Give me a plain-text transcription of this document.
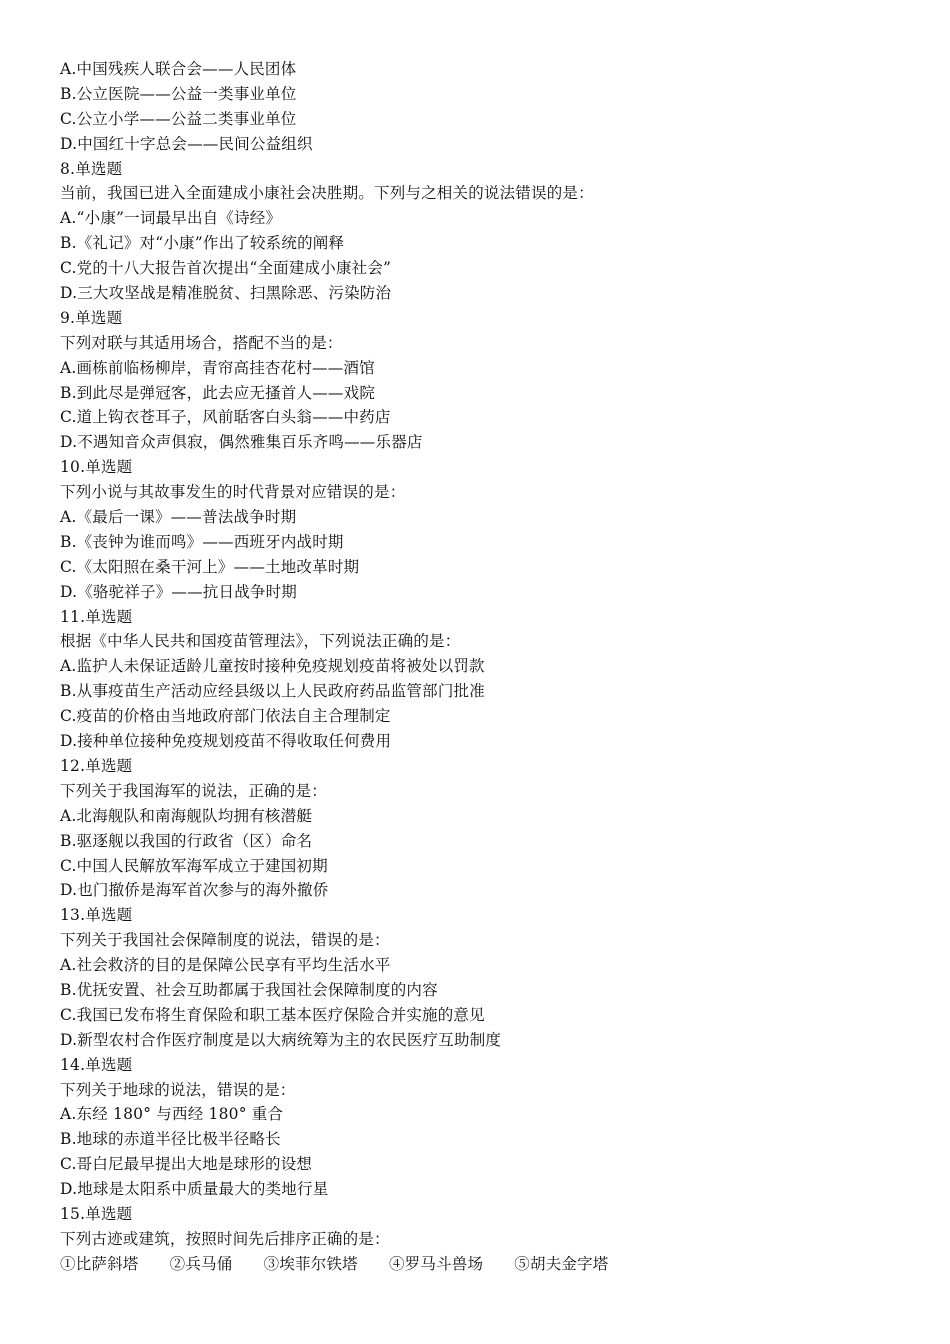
A.中国残疾人联合会——人民团体
B.公立医院——公益一类事业单位
C.公立小学——公益二类事业单位
D.中国红十字总会——民间公益组织
8.单选题
当前，我国已进入全面建成小康社会决胜期。下列与之相关的说法错误的是：
A.“小康”一词最早出自《诗经》
B.《礼记》对“小康”作出了较系统的阐释
C.党的十八大报告首次提出“全面建成小康社会”
D.三大攻坚战是精准脱贫、扫黑除恶、污染防治
9.单选题
下列对联与其适用场合，搭配不当的是：
A.画栋前临杨柳岸，青帘高挂杏花村——酒馆
B.到此尽是弹冠客，此去应无搔首人——戏院
C.道上钩衣苍耳子，风前聒客白头翁——中药店
D.不遇知音众声俱寂，偶然雅集百乐齐鸣——乐器店
10.单选题
下列小说与其故事发生的时代背景对应错误的是：
A.《最后一课》——普法战争时期
B.《丧钟为谁而鸣》——西班牙内战时期
C.《太阳照在桑干河上》——土地改革时期
D.《骆驼祥子》——抗日战争时期
11.单选题
根据《中华人民共和国疫苗管理法》，下列说法正确的是：
A.监护人未保证适龄儿童按时接种免疫规划疫苗将被处以罚款
B.从事疫苗生产活动应经县级以上人民政府药品监管部门批准
C.疫苗的价格由当地政府部门依法自主合理制定
D.接种单位接种免疫规划疫苗不得收取任何费用
12.单选题
下列关于我国海军的说法，正确的是：
A.北海舰队和南海舰队均拥有核潜艇
B.驱逐舰以我国的行政省（区）命名
C.中国人民解放军海军成立于建国初期
D.也门撤侨是海军首次参与的海外撤侨
13.单选题
下列关于我国社会保障制度的说法，错误的是：
A.社会救济的目的是保障公民享有平均生活水平
B.优抚安置、社会互助都属于我国社会保障制度的内容
C.我国已发布将生育保险和职工基本医疗保险合并实施的意见
D.新型农村合作医疗制度是以大病统筹为主的农民医疗互助制度
14.单选题
下列关于地球的说法，错误的是：
A.东经 180° 与西经 180° 重合
B.地球的赤道半径比极半径略长
C.哥白尼最早提出大地是球形的设想
D.地球是太阳系中质量最大的类地行星
15.单选题
下列古迹或建筑，按照时间先后排序正确的是：
①比萨斜塔 ②兵马俑 ③埃菲尔铁塔 ④罗马斗兽场 ⑤胡夫金字塔
